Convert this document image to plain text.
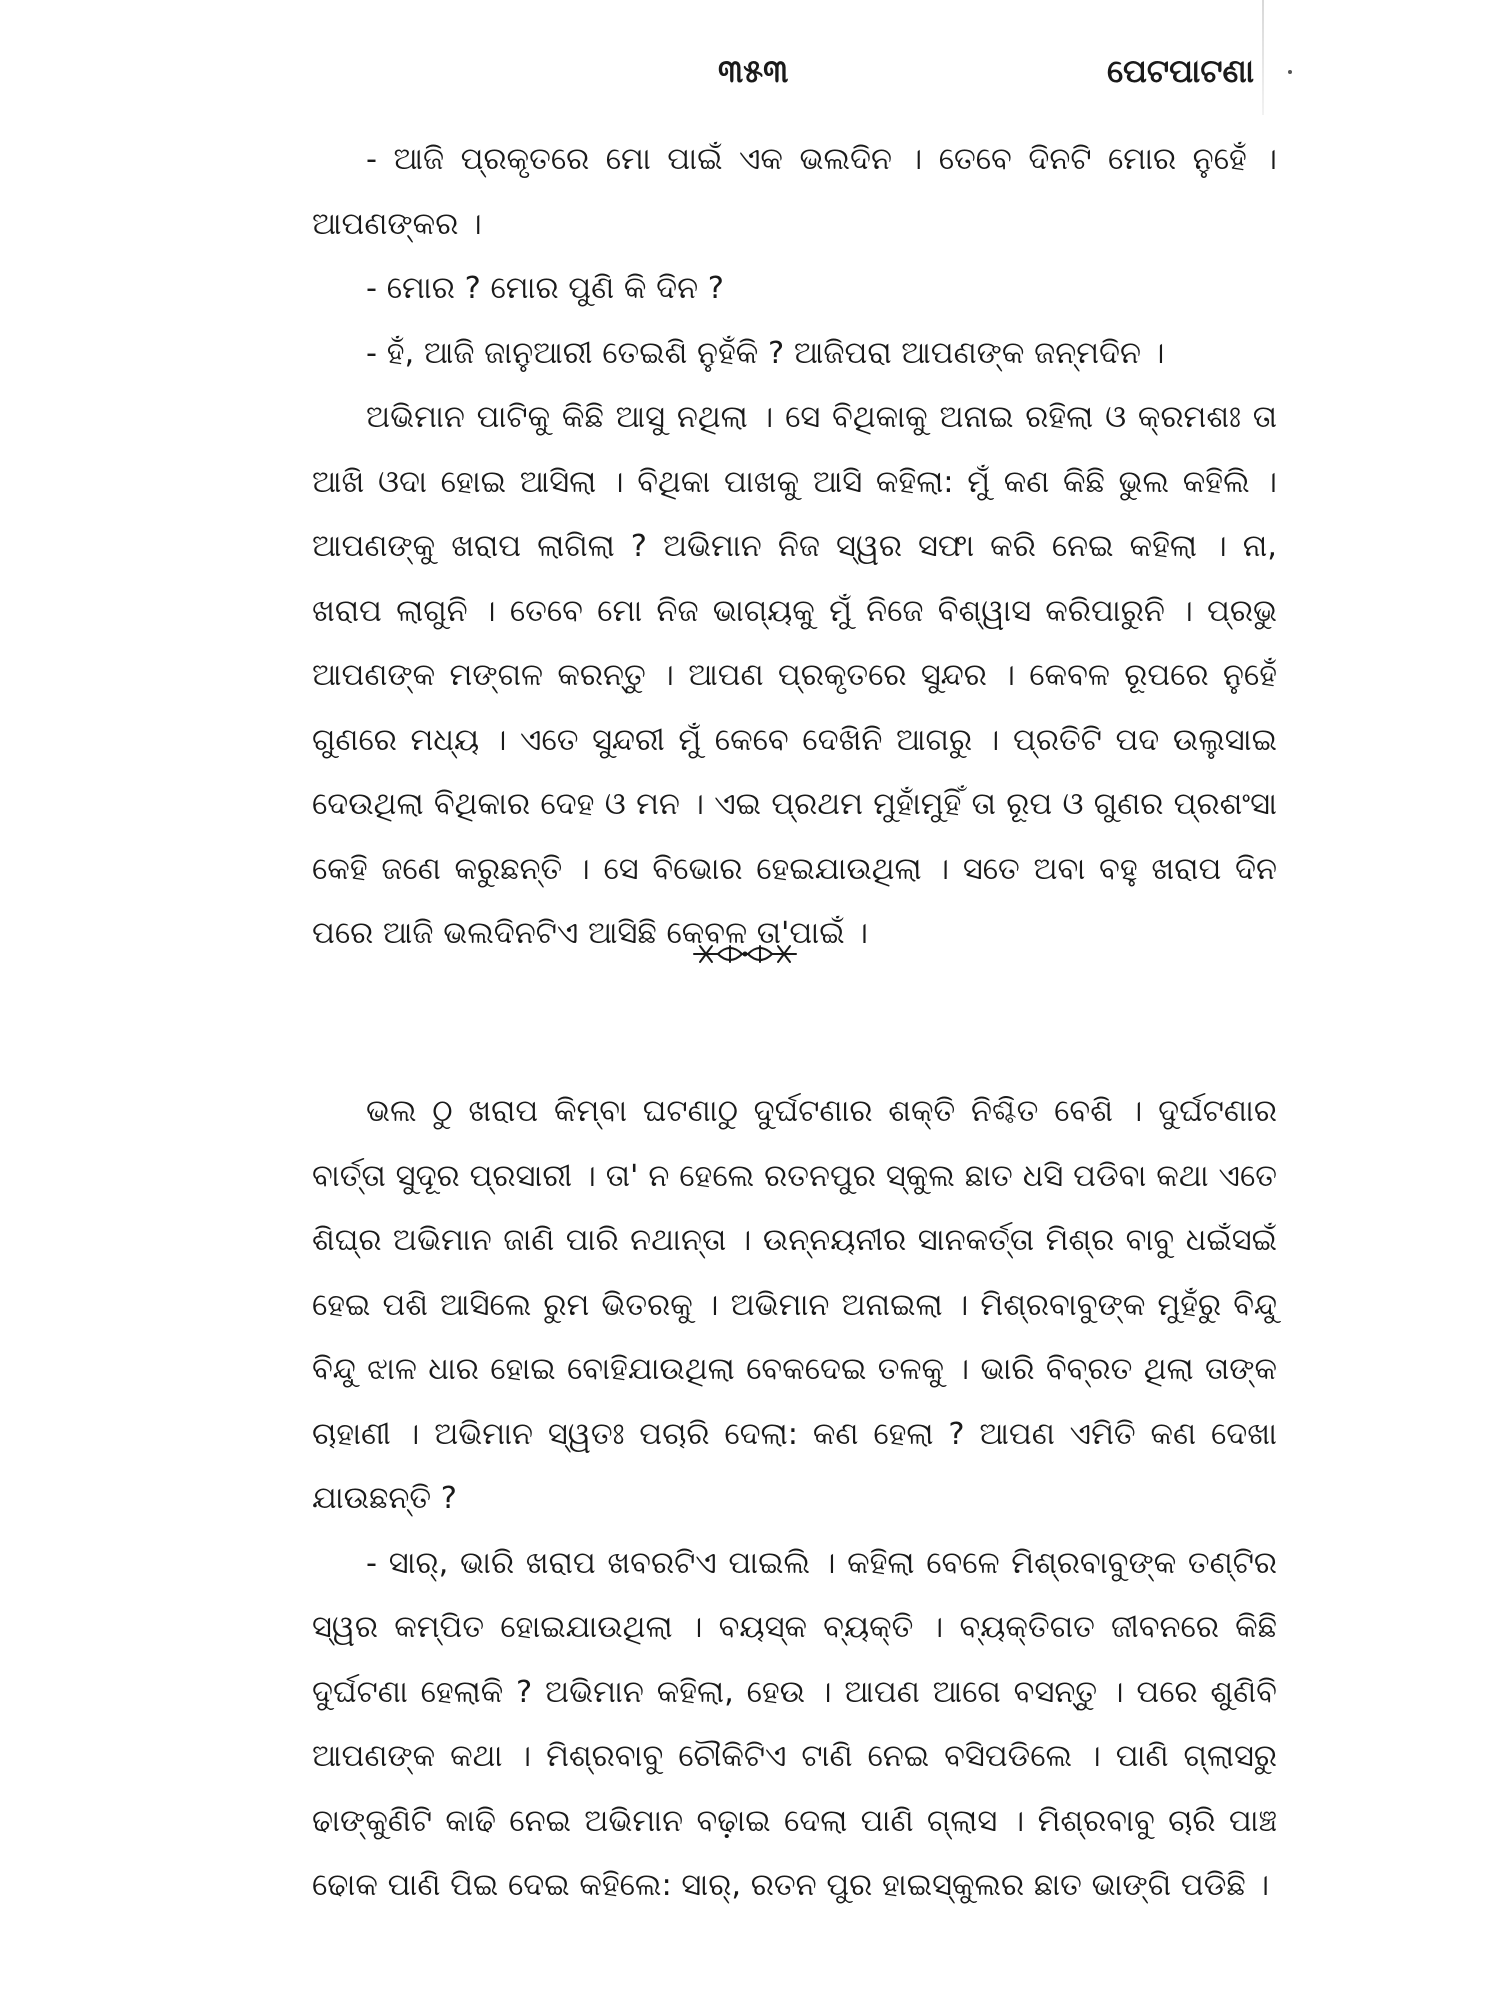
୩୫୩	ପେଟପାଟଣା

- ଆଜି ପ୍ରକୃତରେ ମୋ ପାଇଁ ଏକ ଭଲଦିନ । ତେବେ ଦିନଟି ମୋର ନୁହେଁ । ଆପଣଙ୍କର ।

- ମୋର ? ମୋର ପୁଣି କି ଦିନ ?

- ହଁ, ଆଜି ଜାନୁଆରୀ ତେଇଶି ନୁହଁକି ? ଆଜିପରା ଆପଣଙ୍କ ଜନ୍ମଦିନ ।

ଅଭିମାନ ପାଟିକୁ କିଛି ଆସୁ ନଥିଲା । ସେ ବିଥିକାକୁ ଅନାଇ ରହିଲା ଓ କ୍ରମଶଃ ତା ଆଖି ଓଦା ହୋଇ ଆସିଲା । ବିଥିକା ପାଖକୁ ଆସି କହିଲା: ମୁଁ କଣ କିଛି ଭୁଲ କହିଲି । ଆପଣଙ୍କୁ ଖରାପ ଲାଗିଲା ? ଅଭିମାନ ନିଜ ସ୍ୱର ସଫା କରି ନେଇ କହିଲା । ନା, ଖରାପ ଲାଗୁନି । ତେବେ ମୋ ନିଜ ଭାଗ୍ୟକୁ ମୁଁ ନିଜେ ବିଶ୍ୱାସ କରିପାରୁନି । ପ୍ରଭୁ ଆପଣଙ୍କ ମଙ୍ଗଳ କରନ୍ତୁ । ଆପଣ ପ୍ରକୃତରେ ସୁନ୍ଦର । କେବଳ ରୂପରେ ନୁହେଁ ଗୁଣରେ ମଧ୍ୟ । ଏତେ ସୁନ୍ଦରୀ ମୁଁ କେବେ ଦେଖିନି ଆଗରୁ । ପ୍ରତିଟି ପଦ ଉଲୁସାଇ ଦେଉଥିଲା ବିଥିକାର ଦେହ ଓ ମନ । ଏଇ ପ୍ରଥମ ମୁହାଁମୁହିଁ ତା ରୂପ ଓ ଗୁଣର ପ୍ରଶଂସା କେହି ଜଣେ କରୁଛନ୍ତି । ସେ ବିଭୋର ହେଇଯାଉଥିଲା । ସତେ ଅବା ବହୁ ଖରାପ ଦିନ ପରେ ଆଜି ଭଲଦିନଟିଏ ଆସିଛି କେବଳ ତା'ପାଇଁ ।

ଭଲ ଠୁ ଖରାପ କିମ୍ବା ଘଟଣାଠୁ ଦୁର୍ଘଟଣାର ଶକ୍ତି ନିଶ୍ଚିତ ବେଶି । ଦୁର୍ଘଟଣାର ବାର୍ତ୍ତା ସୁଦୂର ପ୍ରସାରୀ । ତା' ନ ହେଲେ ରତନପୁର ସ୍କୁଲ ଛାତ ଧସି ପଡିବା କଥା ଏତେ ଶିଘ୍ର ଅଭିମାନ ଜାଣି ପାରି ନଥାନ୍ତା । ଉନ୍ନୟନୀର ସାନକର୍ତ୍ତା ମିଶ୍ର ବାବୁ ଧଇଁସଇଁ ହେଇ ପଶି ଆସିଲେ ରୁମ ଭିତରକୁ । ଅଭିମାନ ଅନାଇଲା । ମିଶ୍ରବାବୁଙ୍କ ମୁହଁରୁ ବିନ୍ଦୁ ବିନ୍ଦୁ ଝାଳ ଧାର ହୋଇ ବୋହିଯାଉଥିଲା ବେକଦେଇ ତଳକୁ । ଭାରି ବିବ୍ରତ ଥିଲା ତାଙ୍କ ଚାହାଣୀ । ଅଭିମାନ ସ୍ୱତଃ ପଚାରି ଦେଲା: କଣ ହେଲା ? ଆପଣ ଏମିତି କଣ ଦେଖା ଯାଉଛନ୍ତି ?

- ସାର୍, ଭାରି ଖରାପ ଖବରଟିଏ ପାଇଲି । କହିଲା ବେଳେ ମିଶ୍ରବାବୁଙ୍କ ତଣ୍ଟିର ସ୍ୱର କମ୍ପିତ ହୋଇଯାଉଥିଲା । ବୟସ୍କ ବ୍ୟକ୍ତି । ବ୍ୟକ୍ତିଗତ ଜୀବନରେ କିଛି ଦୁର୍ଘଟଣା ହେଲାକି ? ଅଭିମାନ କହିଲା, ହେଉ । ଆପଣ ଆଗେ ବସନ୍ତୁ । ପରେ ଶୁଣିବି ଆପଣଙ୍କ କଥା । ମିଶ୍ରବାବୁ ଚୌକିଟିଏ ଟାଣି ନେଇ ବସିପଡିଲେ । ପାଣି ଗ୍ଲାସରୁ ଢାଙ୍କୁଣିଟି କାଢି ନେଇ ଅଭିମାନ ବଢ଼ାଇ ଦେଲା ପାଣି ଗ୍ଲାସ । ମିଶ୍ରବାବୁ ଚାରି ପାଞ୍ଚ ଢୋକ ପାଣି ପିଇ ଦେଇ କହିଲେ: ସାର୍, ରତନ ପୁର ହାଇସ୍କୁଲର ଛାତ ଭାଙ୍ଗି ପଡିଛି ।
